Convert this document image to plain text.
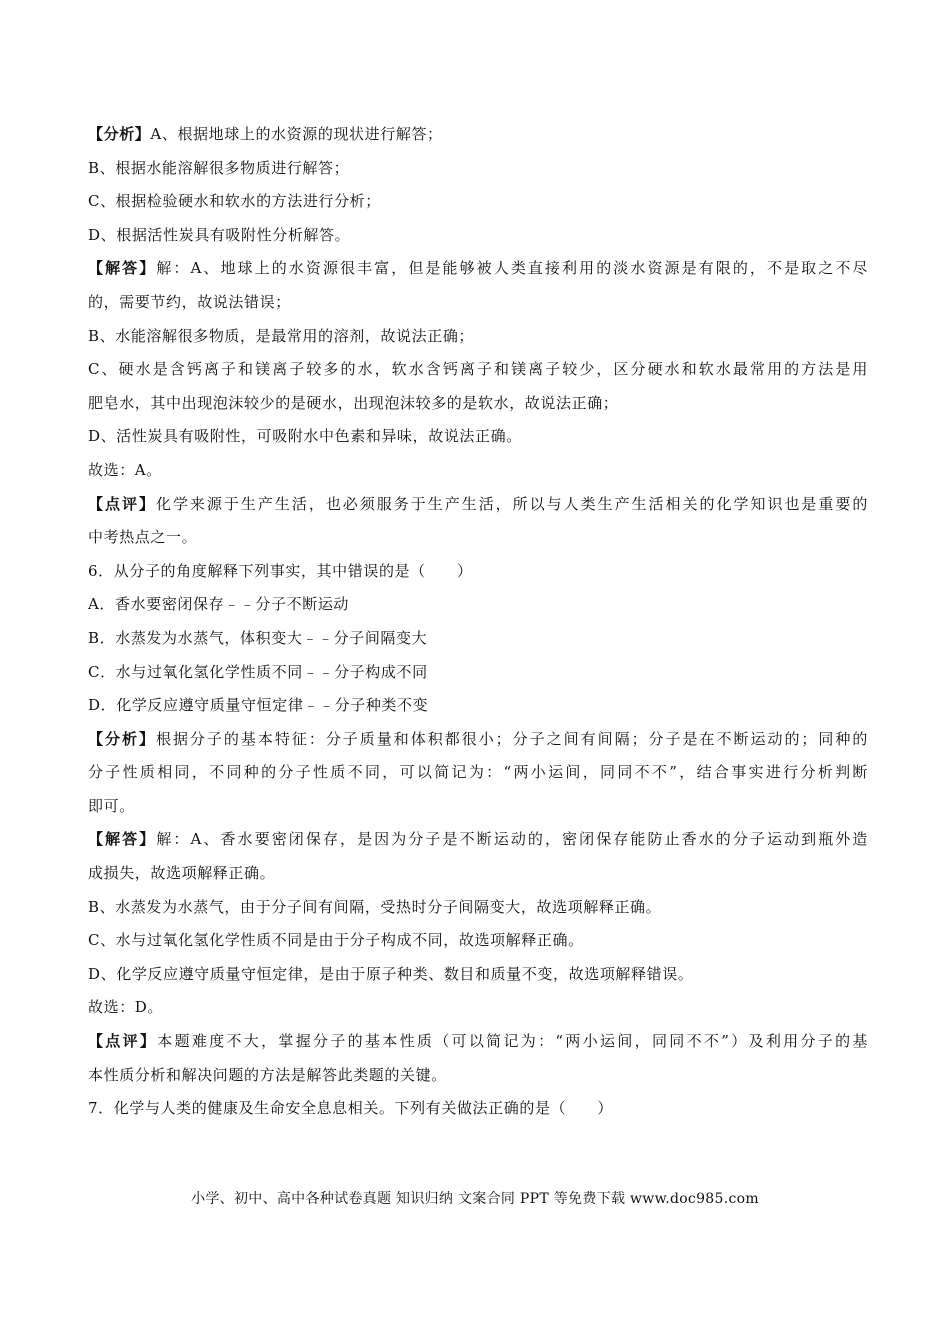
【分析】A、根据地球上的水资源的现状进行解答；
B、根据水能溶解很多物质进行解答；
C、根据检验硬水和软水的方法进行分析；
D、根据活性炭具有吸附性分析解答。
【解答】解：A、地球上的水资源很丰富，但是能够被人类直接利用的淡水资源是有限的，不是取之不尽
的，需要节约，故说法错误；
B、水能溶解很多物质，是最常用的溶剂，故说法正确；
C、硬水是含钙离子和镁离子较多的水，软水含钙离子和镁离子较少，区分硬水和软水最常用的方法是用
肥皂水，其中出现泡沫较少的是硬水，出现泡沫较多的是软水，故说法正确；
D、活性炭具有吸附性，可吸附水中色素和异味，故说法正确。
故选：A。
【点评】化学来源于生产生活，也必须服务于生产生活，所以与人类生产生活相关的化学知识也是重要的
中考热点之一。
6．从分子的角度解释下列事实，其中错误的是（　　）
A．香水要密闭保存﹣﹣分子不断运动
B．水蒸发为水蒸气，体积变大﹣﹣分子间隔变大
C．水与过氧化氢化学性质不同﹣﹣分子构成不同
D．化学反应遵守质量守恒定律﹣﹣分子种类不变
【分析】根据分子的基本特征：分子质量和体积都很小；分子之间有间隔；分子是在不断运动的；同种的
分子性质相同，不同种的分子性质不同，可以简记为：“两小运间，同同不不”，结合事实进行分析判断
即可。
【解答】解：A、香水要密闭保存，是因为分子是不断运动的，密闭保存能防止香水的分子运动到瓶外造
成损失，故选项解释正确。
B、水蒸发为水蒸气，由于分子间有间隔，受热时分子间隔变大，故选项解释正确。
C、水与过氧化氢化学性质不同是由于分子构成不同，故选项解释正确。
D、化学反应遵守质量守恒定律，是由于原子种类、数目和质量不变，故选项解释错误。
故选：D。
【点评】本题难度不大，掌握分子的基本性质（可以简记为：“两小运间，同同不不”）及利用分子的基
本性质分析和解决问题的方法是解答此类题的关键。
7．化学与人类的健康及生命安全息息相关。下列有关做法正确的是（　　）
小学、初中、高中各种试卷真题 知识归纳 文案合同 PPT 等免费下载 www.doc985.com
